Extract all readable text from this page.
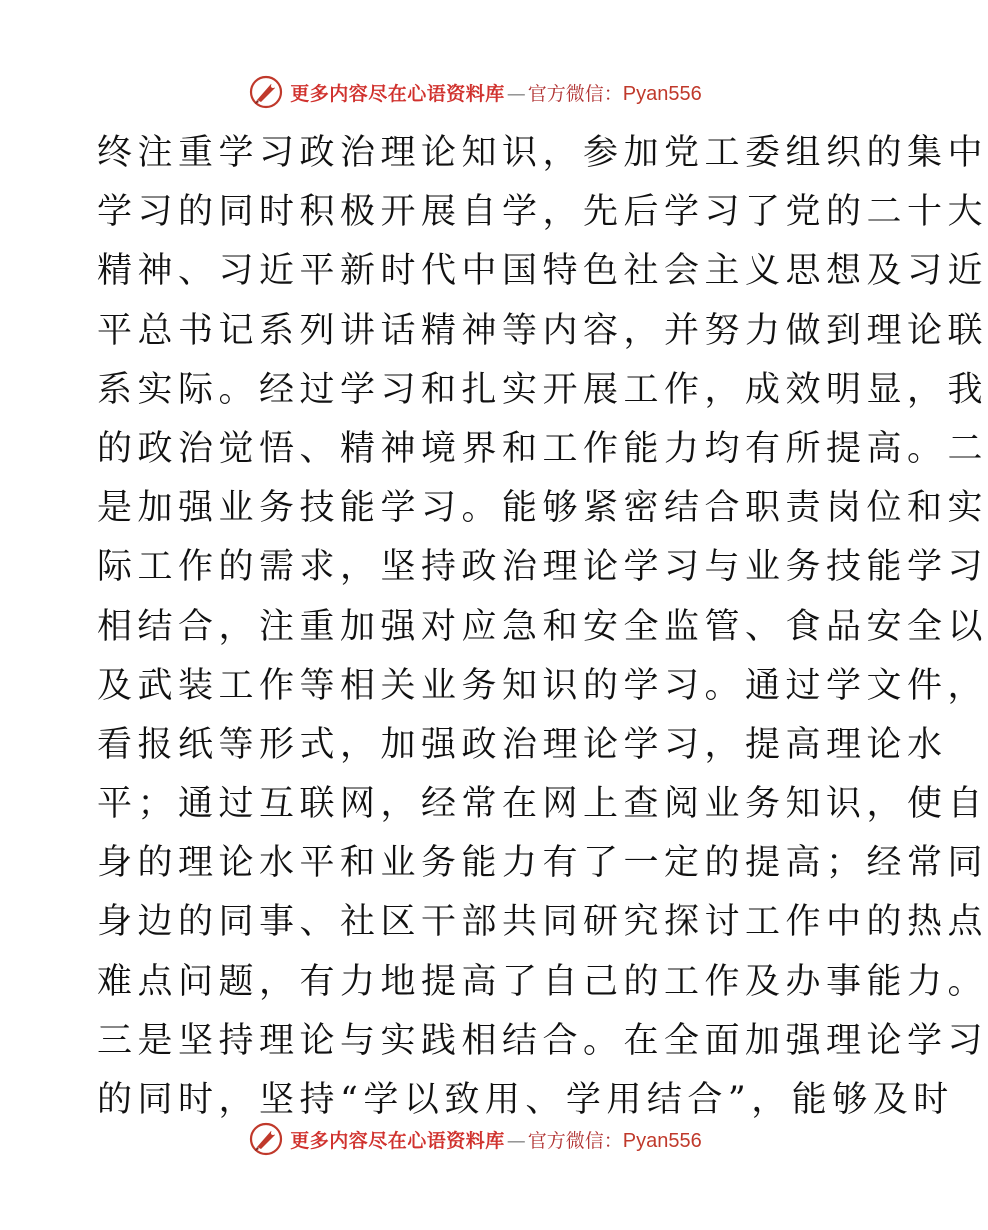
更多内容尽在心语资料库 — 官方微信： Pyan556
终注重学习政治理论知识，参加党工委组织的集中
学习的同时积极开展自学，先后学习了党的二十大
精神、习近平新时代中国特色社会主义思想及习近
平总书记系列讲话精神等内容，并努力做到理论联
系实际。经过学习和扎实开展工作，成效明显，我
的政治觉悟、精神境界和工作能力均有所提高。二
是加强业务技能学习。能够紧密结合职责岗位和实
际工作的需求，坚持政治理论学习与业务技能学习
相结合，注重加强对应急和安全监管、食品安全以
及武装工作等相关业务知识的学习。通过学文件，
看报纸等形式，加强政治理论学习，提高理论水
平；通过互联网，经常在网上查阅业务知识，使自
身的理论水平和业务能力有了一定的提高；经常同
身边的同事、社区干部共同研究探讨工作中的热点
难点问题，有力地提高了自己的工作及办事能力。
三是坚持理论与实践相结合。在全面加强理论学习
的同时，坚持“学以致用、学用结合”，能够及时
更多内容尽在心语资料库 — 官方微信： Pyan556
